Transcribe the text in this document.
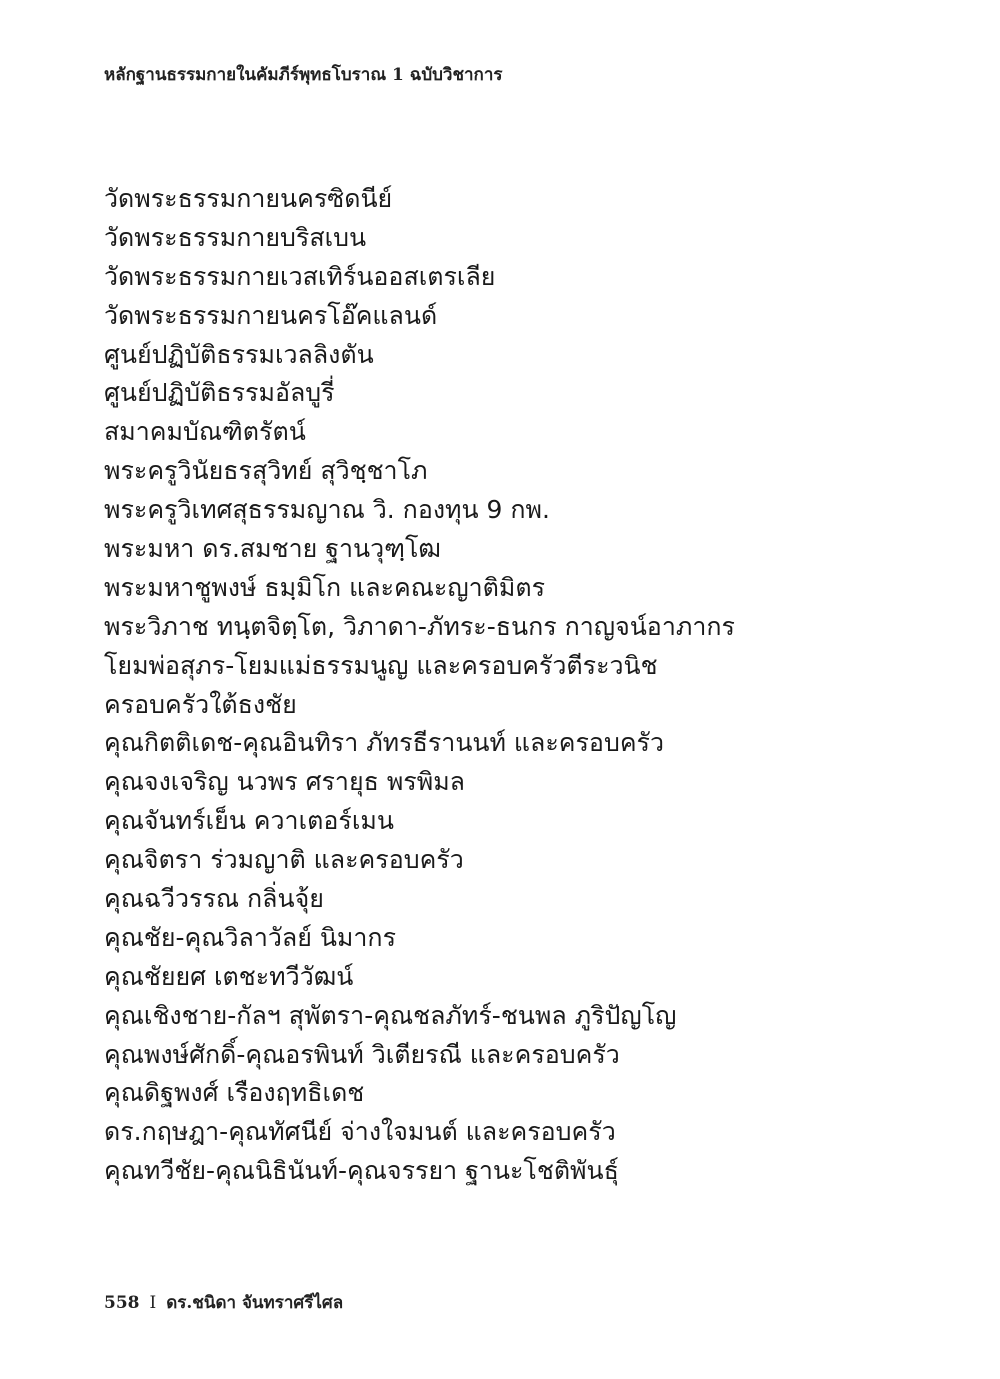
หลักฐานธรรมกายในคัมภีร์พุทธโบราณ 1 ฉบับวิชาการ
วัดพระธรรมกายนครซิดนีย์
วัดพระธรรมกายบริสเบน
วัดพระธรรมกายเวสเทิร์นออสเตรเลีย
วัดพระธรรมกายนครโอ๊คแลนด์
ศูนย์ปฏิบัติธรรมเวลลิงตัน
ศูนย์ปฏิบัติธรรมอัลบูรี่
สมาคมบัณฑิตรัตน์
พระครูวินัยธรสุวิทย์ สุวิชฺชาโภ
พระครูวิเทศสุธรรมญาณ วิ. กองทุน 9 กพ.
พระมหา ดร.สมชาย ฐานวุฑฺโฒ
พระมหาชูพงษ์ ธมฺมิโก และคณะญาติมิตร
พระวิภาช ทนฺตจิตฺโต, วิภาดา-ภัทระ-ธนกร กาญจน์อาภากร
โยมพ่อสุภร-โยมแม่ธรรมนูญ และครอบครัวตีระวนิช
ครอบครัวใต้ธงชัย
คุณกิตติเดช-คุณอินทิรา ภัทรธีรานนท์ และครอบครัว
คุณจงเจริญ นวพร ศรายุธ พรพิมล
คุณจันทร์เย็น ควาเตอร์เมน
คุณจิตรา ร่วมญาติ และครอบครัว
คุณฉวีวรรณ กลิ่นจุ้ย
คุณชัย-คุณวิลาวัลย์ นิมากร
คุณชัยยศ เตชะทวีวัฒน์
คุณเชิงชาย-กัลฯ สุพัตรา-คุณชลภัทร์-ชนพล ภูริปัญโญ
คุณพงษ์ศักดิ์-คุณอรพินท์ วิเตียรณี และครอบครัว
คุณดิฐพงศ์ เรืองฤทธิเดช
ดร.กฤษฎา-คุณทัศนีย์ จ่างใจมนต์ และครอบครัว
คุณทวีชัย-คุณนิธินันท์-คุณจรรยา ฐานะโชติพันธุ์
558 I ดร.ชนิดา จันทราศรีไศล
